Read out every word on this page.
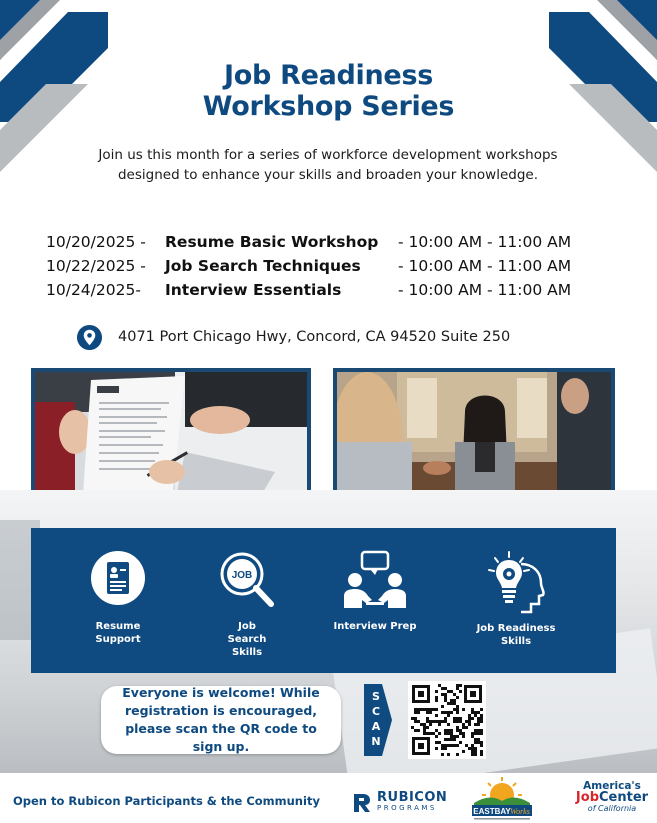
Job Readiness Workshop Series
Join us this month for a series of workforce development workshops designed to enhance your skills and broaden your knowledge.
10/20/2025 - Resume Basic Workshop - 10:00 AM - 11:00 AM
10/22/2025 - Job Search Techniques - 10:00 AM - 11:00 AM
10/24/2025- Interview Essentials	- 10:00 AM - 11:00 AM
4071 Port Chicago Hwy, Concord, CA 94520 Suite 250
Resume Support
JOB
Job Search Skills
Interview Prep	Job Readiness Skills
Everyone is welcome! While registration is encouraged, please scan the QR code to sign up.
S
C
A
N
Open to Rubicon Participants & the Community	RUBICON
PROGRAMS	EASTBAY Works
America's
JobCenter
of California
